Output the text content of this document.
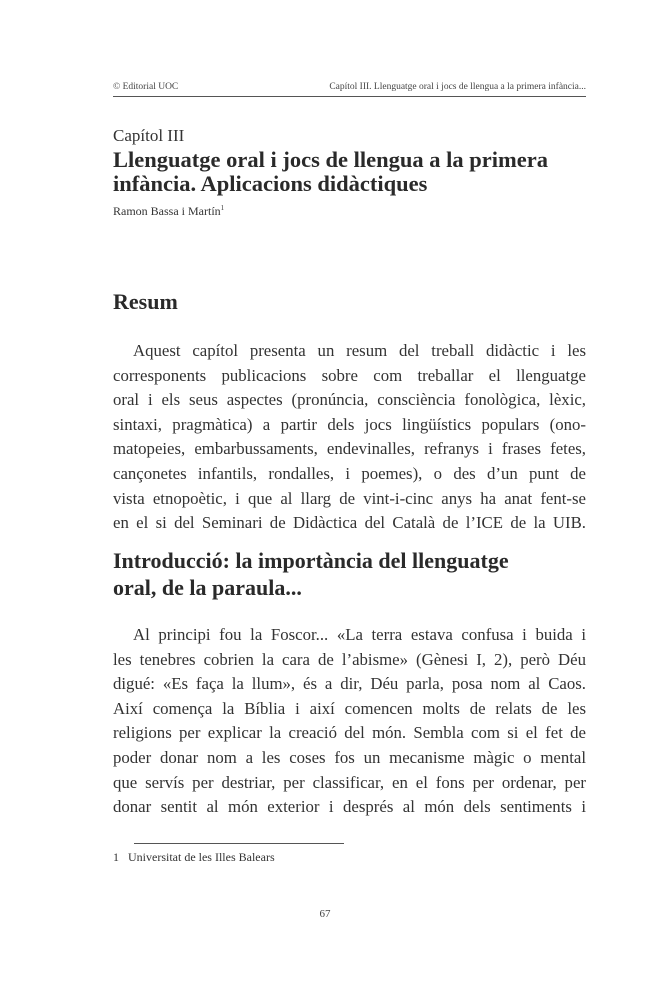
© Editorial UOC	Capítol III. Llenguatge oral i jocs de llengua a la primera infància...
Capítol III
Llenguatge oral i jocs de llengua a la primera
infància. Aplicacions didàctiques
Ramon Bassa i Martín$^1$
Resum
Aquest capítol presenta un resum del treball didàctic i les
corresponents publicacions sobre com treballar el llenguatge
oral i els seus aspectes (pronúncia, consciència fonològica, lèxic,
sintaxi, pragmàtica) a partir dels jocs lingüístics populars (ono-
matopeies, embarbussaments, endevinalles, refranys i frases fetes,
cançonetes infantils, rondalles, i poemes), o des d’un punt de
vista etnopoètic, i que al llarg de vint-i-cinc anys ha anat fent-se
en el si del Seminari de Didàctica del Català de l’ICE de la UIB.
Introducció: la importància del llenguatge
oral, de la paraula...
Al principi fou la Foscor... «La terra estava confusa i buida i
les tenebres cobrien la cara de l’abisme» (Gènesi I, 2), però Déu
digué: «Es faça la llum», és a dir, Déu parla, posa nom al Caos.
Així comença la Bíblia i així comencen molts de relats de les
religions per explicar la creació del món. Sembla com si el fet de
poder donar nom a les coses fos un mecanisme màgic o mental
que servís per destriar, per classificar, en el fons per ordenar, per
donar sentit al món exterior i després al món dels sentiments i
1 Universitat de les Illes Balears
67
